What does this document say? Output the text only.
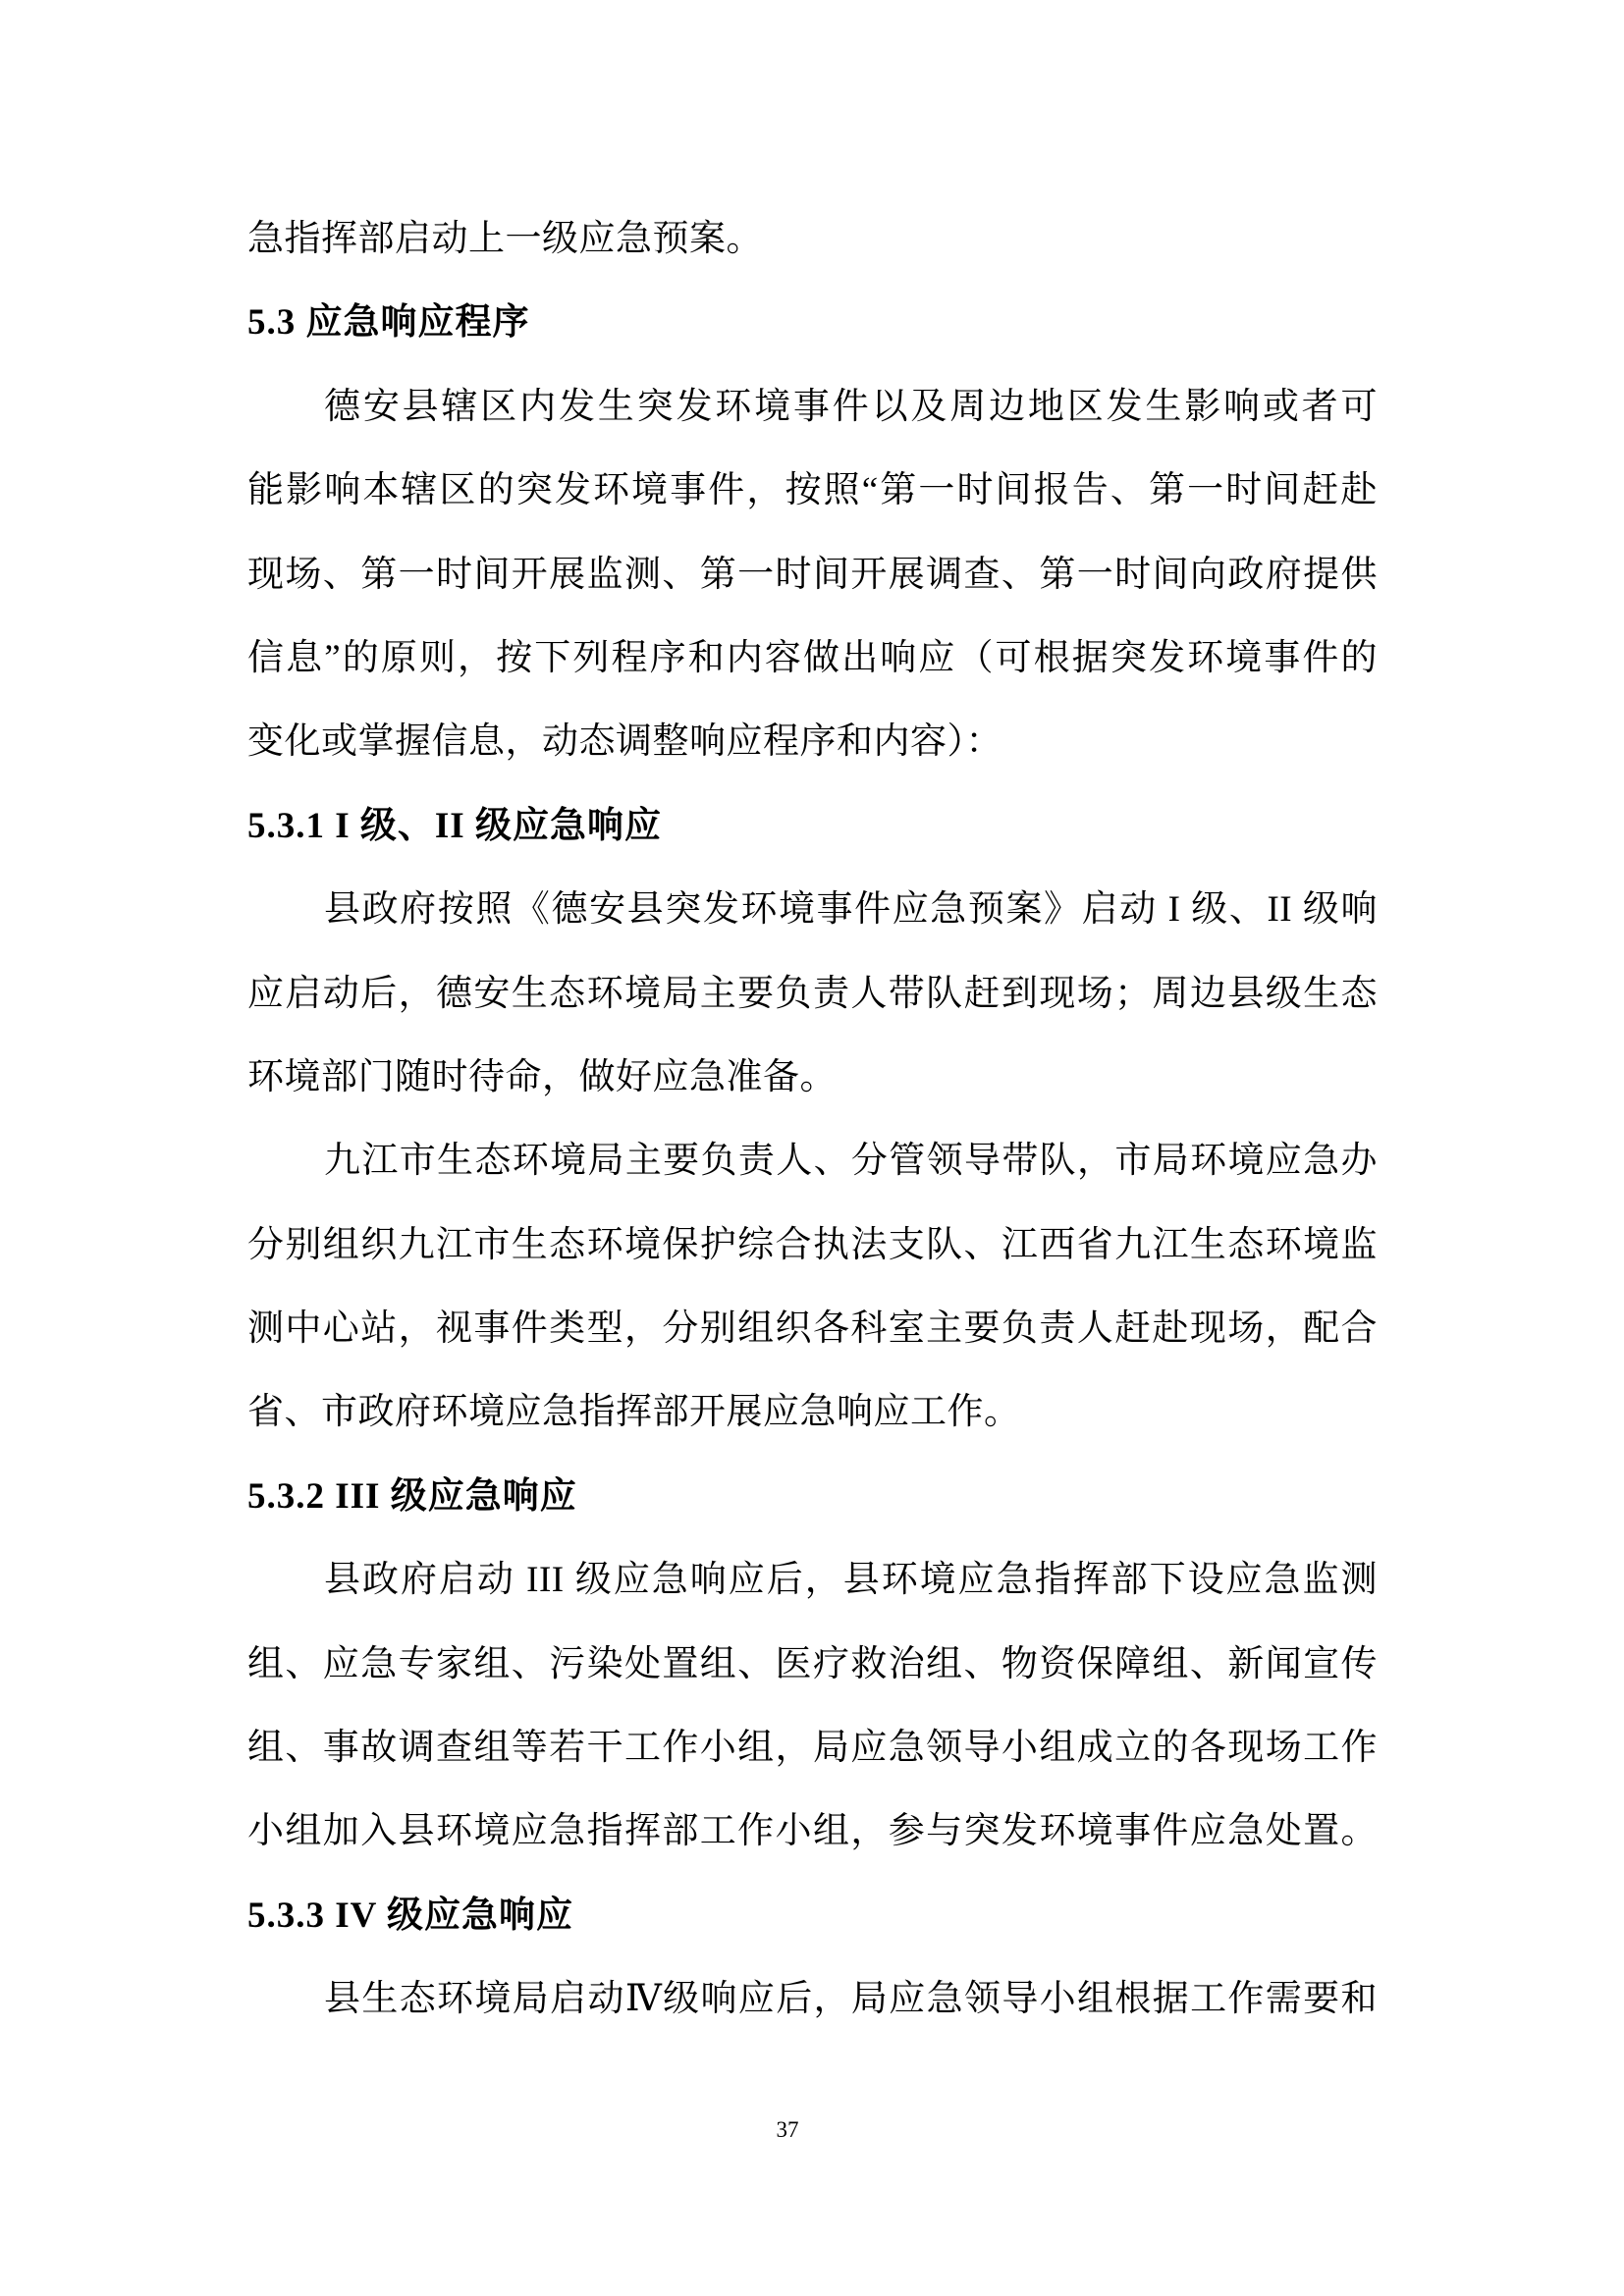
急指挥部启动上一级应急预案。
5.3 应急响应程序
德安县辖区内发生突发环境事件以及周边地区发生影响或者可
能影响本辖区的突发环境事件，按照“第一时间报告、第一时间赶赴
现场、第一时间开展监测、第一时间开展调查、第一时间向政府提供
信息”的原则，按下列程序和内容做出响应（可根据突发环境事件的
变化或掌握信息，动态调整响应程序和内容）：
5.3.1 I 级、II 级应急响应
县政府按照《德安县突发环境事件应急预案》启动 I 级、II 级响
应启动后，德安生态环境局主要负责人带队赶到现场；周边县级生态
环境部门随时待命，做好应急准备。
九江市生态环境局主要负责人、分管领导带队，市局环境应急办
分别组织九江市生态环境保护综合执法支队、江西省九江生态环境监
测中心站，视事件类型，分别组织各科室主要负责人赶赴现场，配合
省、市政府环境应急指挥部开展应急响应工作。
5.3.2 III 级应急响应
县政府启动 III 级应急响应后，县环境应急指挥部下设应急监测
组、应急专家组、污染处置组、医疗救治组、物资保障组、新闻宣传
组、事故调查组等若干工作小组，局应急领导小组成立的各现场工作
小组加入县环境应急指挥部工作小组，参与突发环境事件应急处置。
5.3.3 IV 级应急响应
县生态环境局启动Ⅳ级响应后，局应急领导小组根据工作需要和
37
